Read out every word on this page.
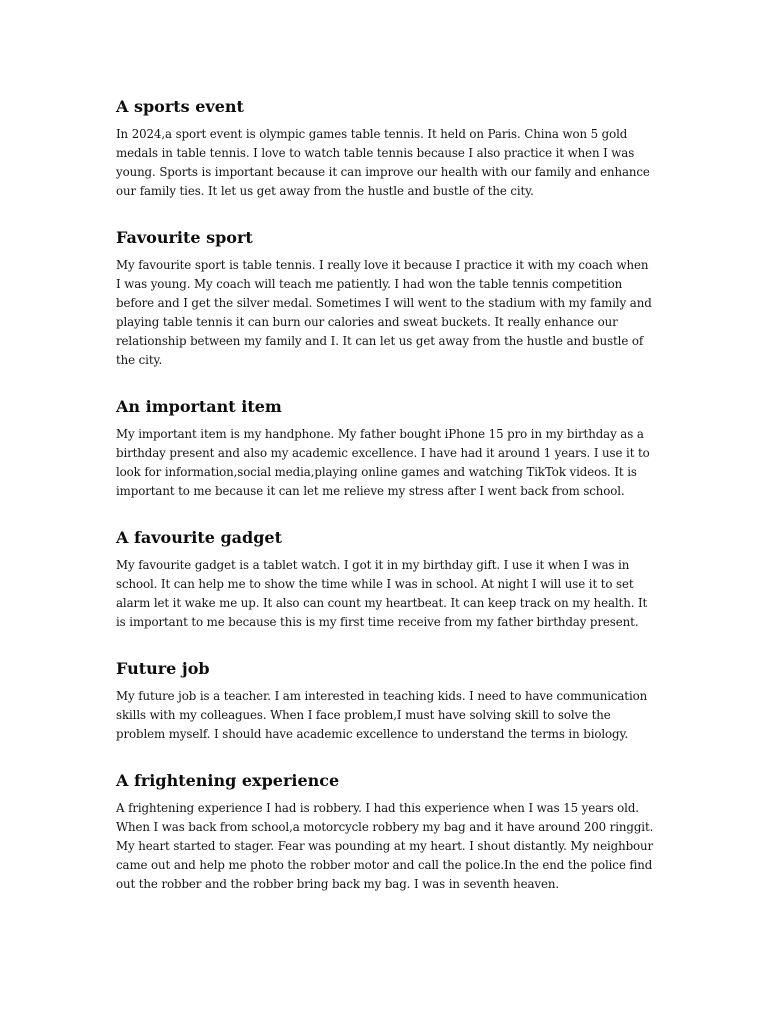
A sports event

In 2024,a sport event is olympic games table tennis. It held on Paris. China won 5 gold medals in table tennis. I love to watch table tennis because I also practice it when I was young. Sports is important because it can improve our health with our family and enhance our family ties. It let us get away from the hustle and bustle of the city.

Favourite sport

My favourite sport is table tennis. I really love it because I practice it with my coach when I was young. My coach will teach me patiently. I had won the table tennis competition before and I get the silver medal. Sometimes I will went to the stadium with my family and playing table tennis it can burn our calories and sweat buckets. It really enhance our relationship between my family and I. It can let us get away from the hustle and bustle of the city.

An important item

My important item is my handphone. My father bought iPhone 15 pro in my birthday as a birthday present and also my academic excellence. I have had it around 1 years. I use it to look for information,social media,playing online games and watching TikTok videos. It is important to me because it can let me relieve my stress after I went back from school.

A favourite gadget

My favourite gadget is a tablet watch. I got it in my birthday gift. I use it when I was in school. It can help me to show the time while I was in school. At night I will use it to set alarm let it wake me up. It also can count my heartbeat. It can keep track on my health. It is important to me because this is my first time receive from my father birthday present.

Future job

My future job is a teacher. I am interested in teaching kids. I need to have communication skills with my colleagues. When I face problem,I must have solving skill to solve the problem myself. I should have academic excellence to understand the terms in biology.

A frightening experience

A frightening experience I had is robbery. I had this experience when I was 15 years old. When I was back from school,a motorcycle robbery my bag and it have around 200 ringgit. My heart started to stager. Fear was pounding at my heart. I shout distantly. My neighbour came out and help me photo the robber motor and call the police.In the end the police find out the robber and the robber bring back my bag. I was in seventh heaven.
